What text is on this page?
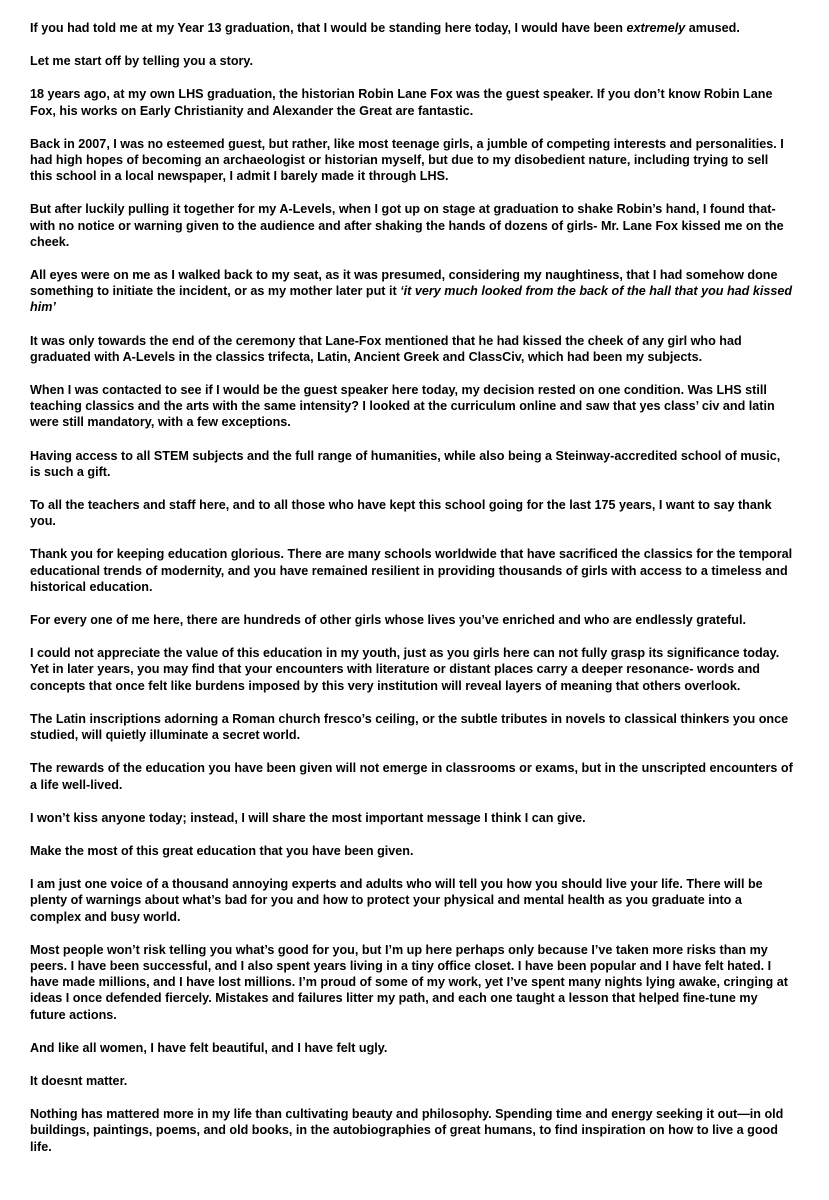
If you had told me at my Year 13 graduation, that I would be standing here today, I would have been extremely amused.

Let me start off by telling you a story.

18 years ago, at my own LHS graduation, the historian Robin Lane Fox was the guest speaker. If you don’t know Robin Lane Fox, his works on Early Christianity and Alexander the Great are fantastic.

Back in 2007, I was no esteemed guest, but rather, like most teenage girls, a jumble of competing interests and personalities. I had high hopes of becoming an archaeologist or historian myself, but due to my disobedient nature, including trying to sell this school in a local newspaper, I admit I barely made it through LHS.

But after luckily pulling it together for my A-Levels, when I got up on stage at graduation to shake Robin’s hand, I found that- with no notice or warning given to the audience and after shaking the hands of dozens of girls- Mr. Lane Fox kissed me on the cheek.

All eyes were on me as I walked back to my seat, as it was presumed, considering my naughtiness, that I had somehow done something to initiate the incident, or as my mother later put it ‘it very much looked from the back of the hall that you had kissed him’

It was only towards the end of the ceremony that Lane-Fox mentioned that he had kissed the cheek of any girl who had graduated with A-Levels in the classics trifecta, Latin, Ancient Greek and ClassCiv, which had been my subjects.

When I was contacted to see if I would be the guest speaker here today, my decision rested on one condition. Was LHS still teaching classics and the arts with the same intensity? I looked at the curriculum online and saw that yes class’ civ and latin were still mandatory, with a few exceptions.

Having access to all STEM subjects and the full range of humanities, while also being a Steinway-accredited school of music, is such a gift.

To all the teachers and staff here, and to all those who have kept this school going for the last 175 years, I want to say thank you.

Thank you for keeping education glorious. There are many schools worldwide that have sacrificed the classics for the temporal educational trends of modernity, and you have remained resilient in providing thousands of girls with access to a timeless and historical education.

For every one of me here, there are hundreds of other girls whose lives you’ve enriched and who are endlessly grateful.

I could not appreciate the value of this education in my youth, just as you girls here can not fully grasp its significance today. Yet in later years, you may find that your encounters with literature or distant places carry a deeper resonance- words and concepts that once felt like burdens imposed by this very institution will reveal layers of meaning that others overlook.

The Latin inscriptions adorning a Roman church fresco’s ceiling, or the subtle tributes in novels to classical thinkers you once studied, will quietly illuminate a secret world.

The rewards of the education you have been given will not emerge in classrooms or exams, but in the unscripted encounters of a life well-lived.

I won’t kiss anyone today; instead, I will share the most important message I think I can give.

Make the most of this great education that you have been given.

I am just one voice of a thousand annoying experts and adults who will tell you how you should live your life. There will be plenty of warnings about what’s bad for you and how to protect your physical and mental health as you graduate into a complex and busy world.

Most people won’t risk telling you what’s good for you, but I’m up here perhaps only because I’ve taken more risks than my peers. I have been successful, and I also spent years living in a tiny office closet. I have been popular and I have felt hated. I have made millions, and I have lost millions. I’m proud of some of my work, yet I’ve spent many nights lying awake, cringing at ideas I once defended fiercely. Mistakes and failures litter my path, and each one taught a lesson that helped fine-tune my future actions.

And like all women, I have felt beautiful, and I have felt ugly.

It doesnt matter.

Nothing has mattered more in my life than cultivating beauty and philosophy. Spending time and energy seeking it out—in old buildings, paintings, poems, and old books, in the autobiographies of great humans, to find inspiration on how to live a good life.
